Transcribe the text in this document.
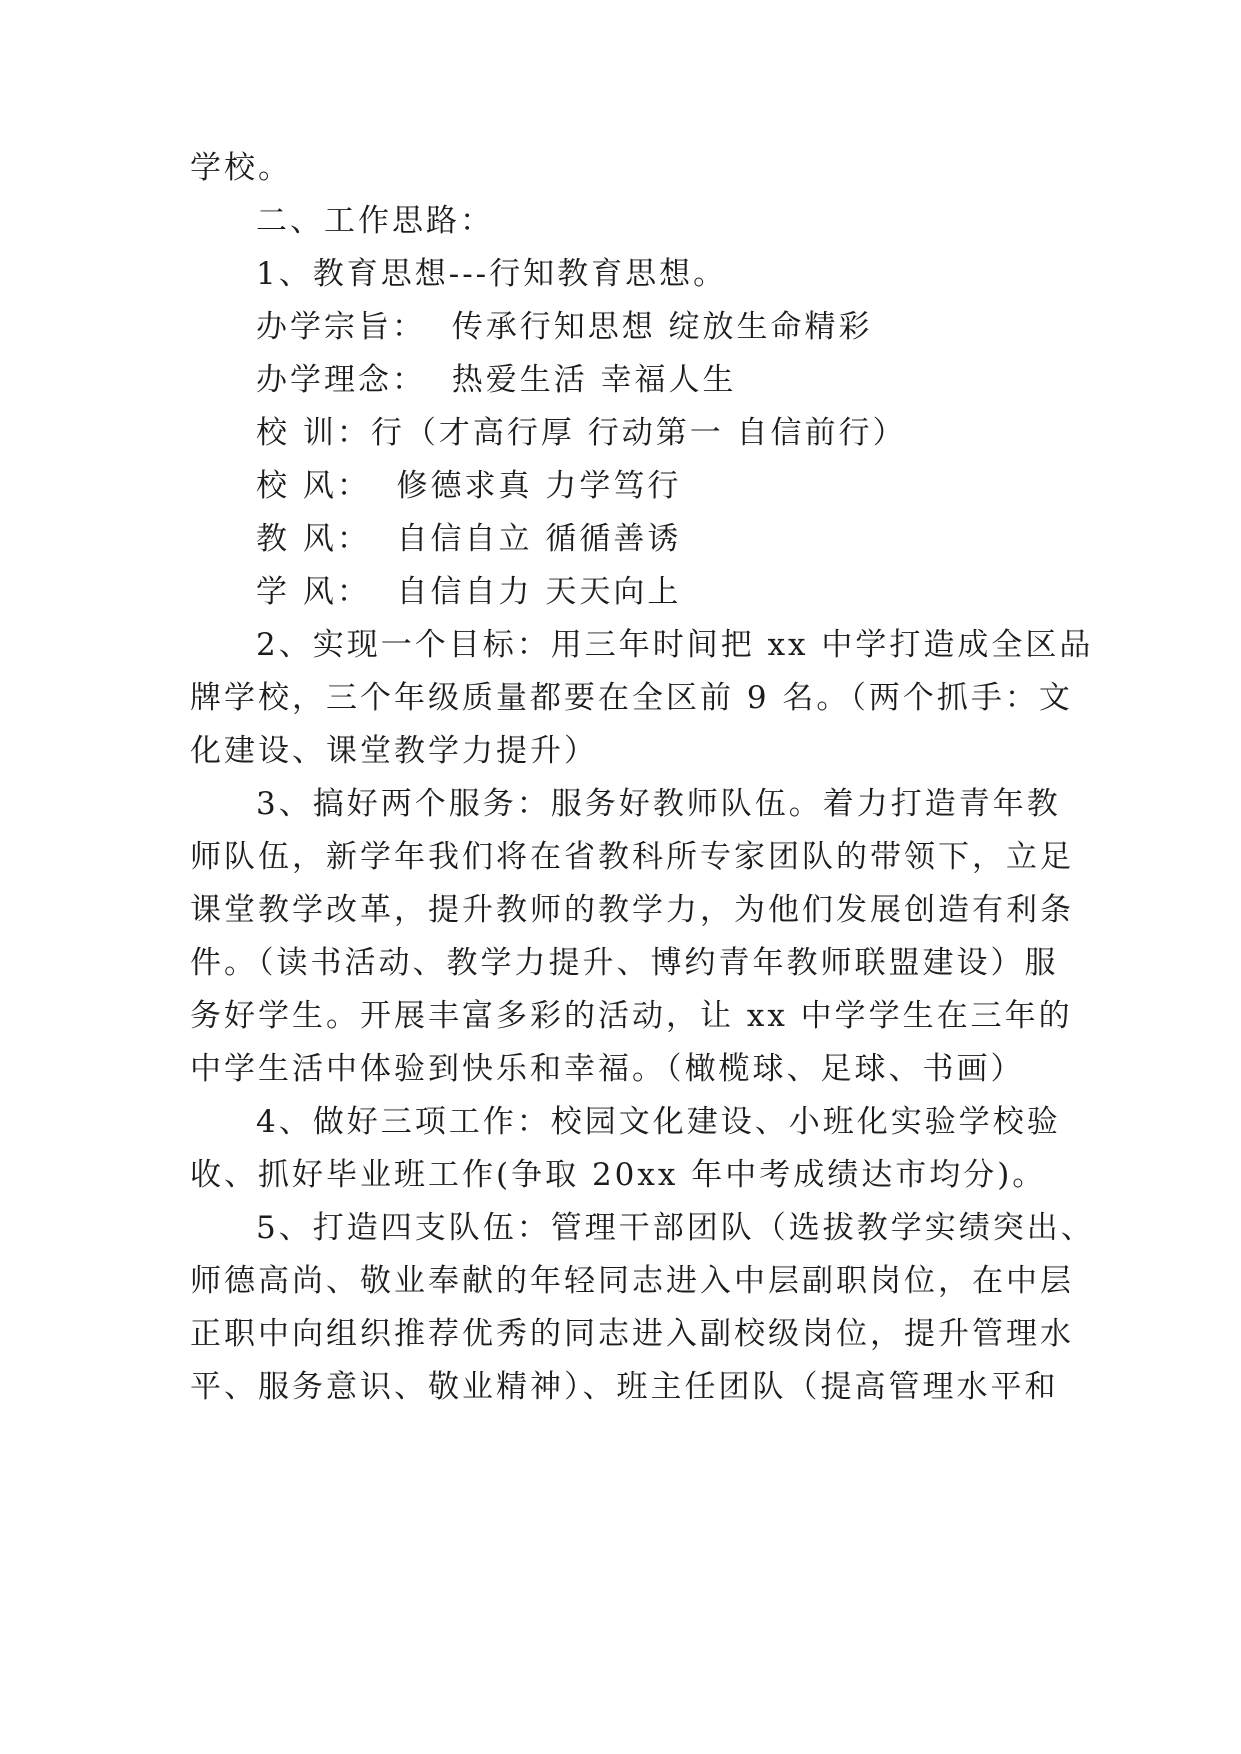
学校。
二、工作思路：
1、教育思想---行知教育思想。
办学宗旨：  传承行知思想 绽放生命精彩
办学理念：  热爱生活 幸福人生
校 训：行（才高行厚 行动第一 自信前行）
校 风：  修德求真 力学笃行
教 风：  自信自立 循循善诱
学 风：  自信自力 天天向上
2、实现一个目标：用三年时间把 xx 中学打造成全区品
牌学校，三个年级质量都要在全区前 9 名。（两个抓手：文
化建设、课堂教学力提升）
3、搞好两个服务：服务好教师队伍。着力打造青年教
师队伍，新学年我们将在省教科所专家团队的带领下，立足
课堂教学改革，提升教师的教学力，为他们发展创造有利条
件。（读书活动、教学力提升、博约青年教师联盟建设）服
务好学生。开展丰富多彩的活动，让 xx 中学学生在三年的
中学生活中体验到快乐和幸福。（橄榄球、足球、书画）
4、做好三项工作：校园文化建设、小班化实验学校验
收、抓好毕业班工作(争取 20xx 年中考成绩达市均分)。
5、打造四支队伍：管理干部团队（选拔教学实绩突出、
师德高尚、敬业奉献的年轻同志进入中层副职岗位，在中层
正职中向组织推荐优秀的同志进入副校级岗位，提升管理水
平、服务意识、敬业精神）、班主任团队（提高管理水平和
